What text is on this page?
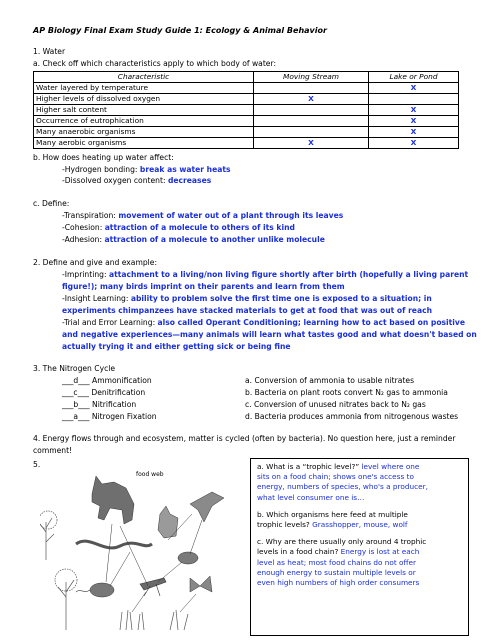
AP Biology Final Exam Study Guide 1: Ecology & Animal Behavior
1. Water
a. Check off which characteristics apply to which body of water:
Characteristic	Moving Stream	Lake or Pond
Water layered by temperature		X
Higher levels of dissolved oxygen	X	
Higher salt content		X
Occurrence of eutrophication		X
Many anaerobic organisms		X
Many aerobic organisms	X	X
b. How does heating up water affect:
-Hydrogen bonding: break as water heats
-Dissolved oxygen content: decreases
c. Define:
-Transpiration: movement of water out of a plant through its leaves
-Cohesion: attraction of a molecule to others of its kind
-Adhesion: attraction of a molecule to another unlike molecule
2. Define and give and example:
-Imprinting: attachment to a living/non living figure shortly after birth (hopefully a living parent
figure!); many birds imprint on their parents and learn from them
-Insight Learning: ability to problem solve the first time one is exposed to a situation; in
experiments chimpanzees have stacked materials to get at food that was out of reach
-Trial and Error Learning: also called Operant Conditioning; learning how to act based on positive
and negative experiences—many animals will learn what tastes good and what doesn't based on
actually trying it and either getting sick or being fine
3. The Nitrogen Cycle
___d___ Ammonification
___c___ Denitrification
___b___ Nitrification
___a___ Nitrogen Fixation
a. Conversion of ammonia to usable nitrates
b. Bacteria on plant roots convert N₂ gas to ammonia
c. Conversion of unused nitrates back to N₂ gas
d. Bacteria produces ammonia from nitrogenous wastes
4. Energy flows through and ecosystem, matter is cycled (often by bacteria). No question here, just a reminder
comment!
5.
food web

a. What is a “trophic level?” level where one
sits on a food chain; shows one's access to
energy, numbers of species, who's a producer,
what level consumer one is…

b. Which organisms here feed at multiple
trophic levels? Grasshopper, mouse, wolf

c. Why are there usually only around 4 trophic
levels in a food chain? Energy is lost at each
level as heat; most food chains do not offer
enough energy to sustain multiple levels or
even high numbers of high order consumers
